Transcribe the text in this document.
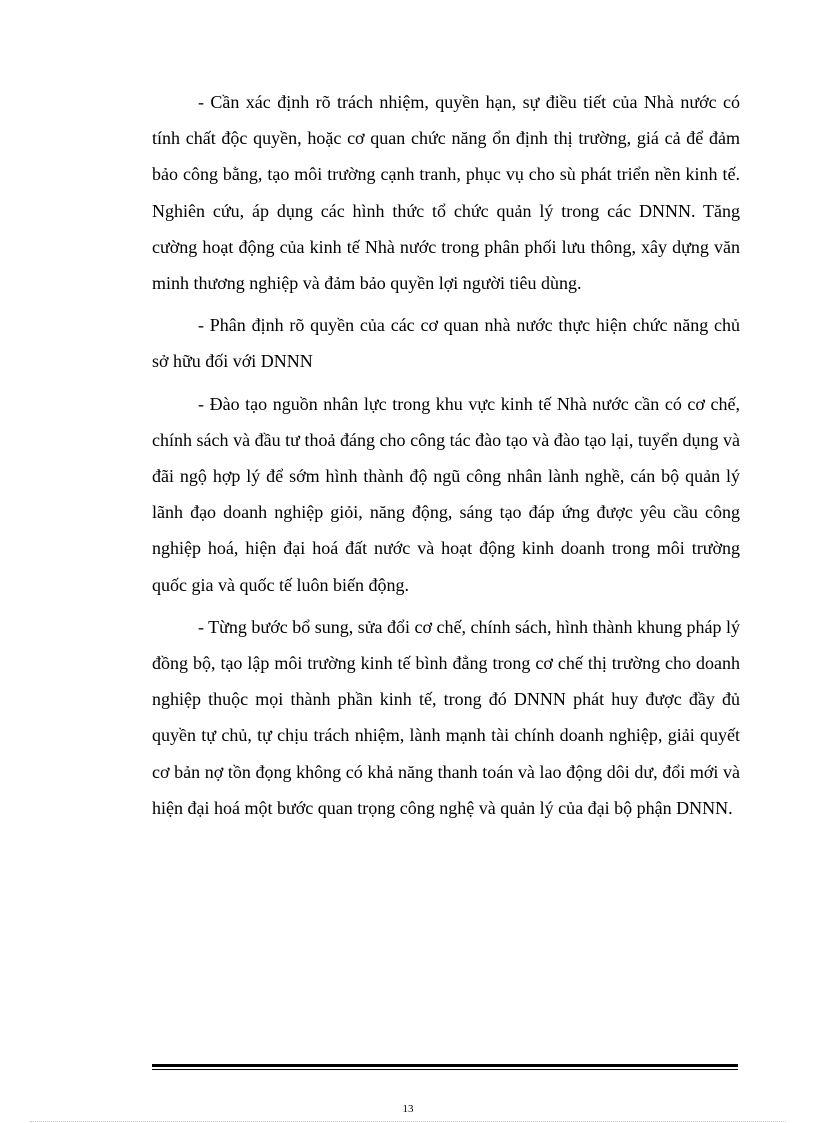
- Cần xác định rõ trách nhiệm, quyền hạn, sự điều tiết của Nhà nước có tính chất độc quyền, hoặc cơ quan chức năng ổn định thị trường, giá cả để đảm bảo công bằng, tạo môi trường cạnh tranh, phục vụ cho sù phát triển nền kinh tế. Nghiên cứu, áp dụng các hình thức tổ chức quản lý trong các DNNN. Tăng cường hoạt động của kinh tế Nhà nước trong phân phối lưu thông, xây dựng văn minh thương nghiệp và đảm bảo quyền lợi người tiêu dùng.

- Phân định rõ quyền của các cơ quan nhà nước thực hiện chức năng chủ sở hữu đối với DNNN

- Đào tạo nguồn nhân lực trong khu vực kinh tế Nhà nước cần có cơ chế, chính sách và đầu tư thoả đáng cho công tác đào tạo và đào tạo lại, tuyển dụng và đãi ngộ hợp lý để sớm hình thành độ ngũ công nhân lành nghề, cán bộ quản lý lãnh đạo doanh nghiệp giỏi, năng động, sáng tạo đáp ứng được yêu cầu công nghiệp hoá, hiện đại hoá đất nước và hoạt động kinh doanh trong môi trường quốc gia và quốc tế luôn biến động.

- Từng bước bổ sung, sửa đổi cơ chế, chính sách, hình thành khung pháp lý đồng bộ, tạo lập môi trường kinh tế bình đẳng trong cơ chế thị trường cho doanh nghiệp thuộc mọi thành phần kinh tế, trong đó DNNN phát huy được đầy đủ quyền tự chủ, tự chịu trách nhiệm, lành mạnh tài chính doanh nghiệp, giải quyết cơ bản nợ tồn đọng không có khả năng thanh toán và lao động dôi dư, đổi mới và hiện đại hoá một bước quan trọng công nghệ và quản lý của đại bộ phận DNNN.

13
